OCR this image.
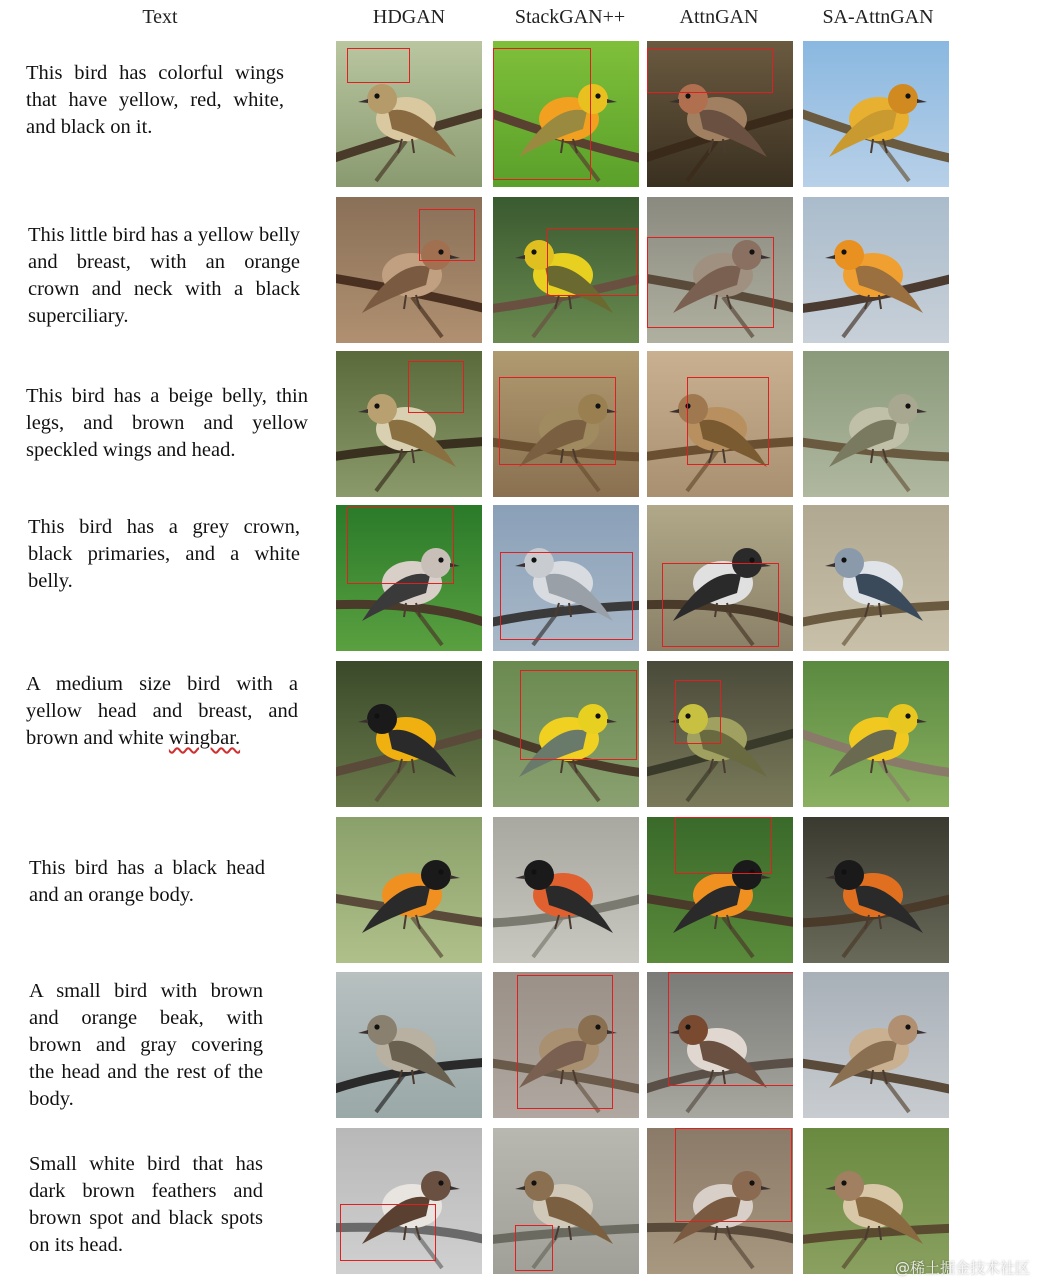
Text	HDGAN	StackGAN++	AttnGAN	SA-AttnGAN
This bird has colorful wings that have yellow, red, white, and black on it.
This little bird has a yellow belly and breast, with an orange crown and neck with a black superciliary.
This bird has a beige belly, thin legs, and brown and yellow speckled wings and head.
This bird has a grey crown, black primaries, and a white belly.
A medium size bird with a yellow head and breast, and brown and white wingbar.
This bird has a black head and an orange body.
A small bird with brown and orange beak, with brown and gray covering the head and the rest of the body.
Small white bird that has dark brown feathers and brown spot and black spots on its head.
@稀土掘金技术社区
